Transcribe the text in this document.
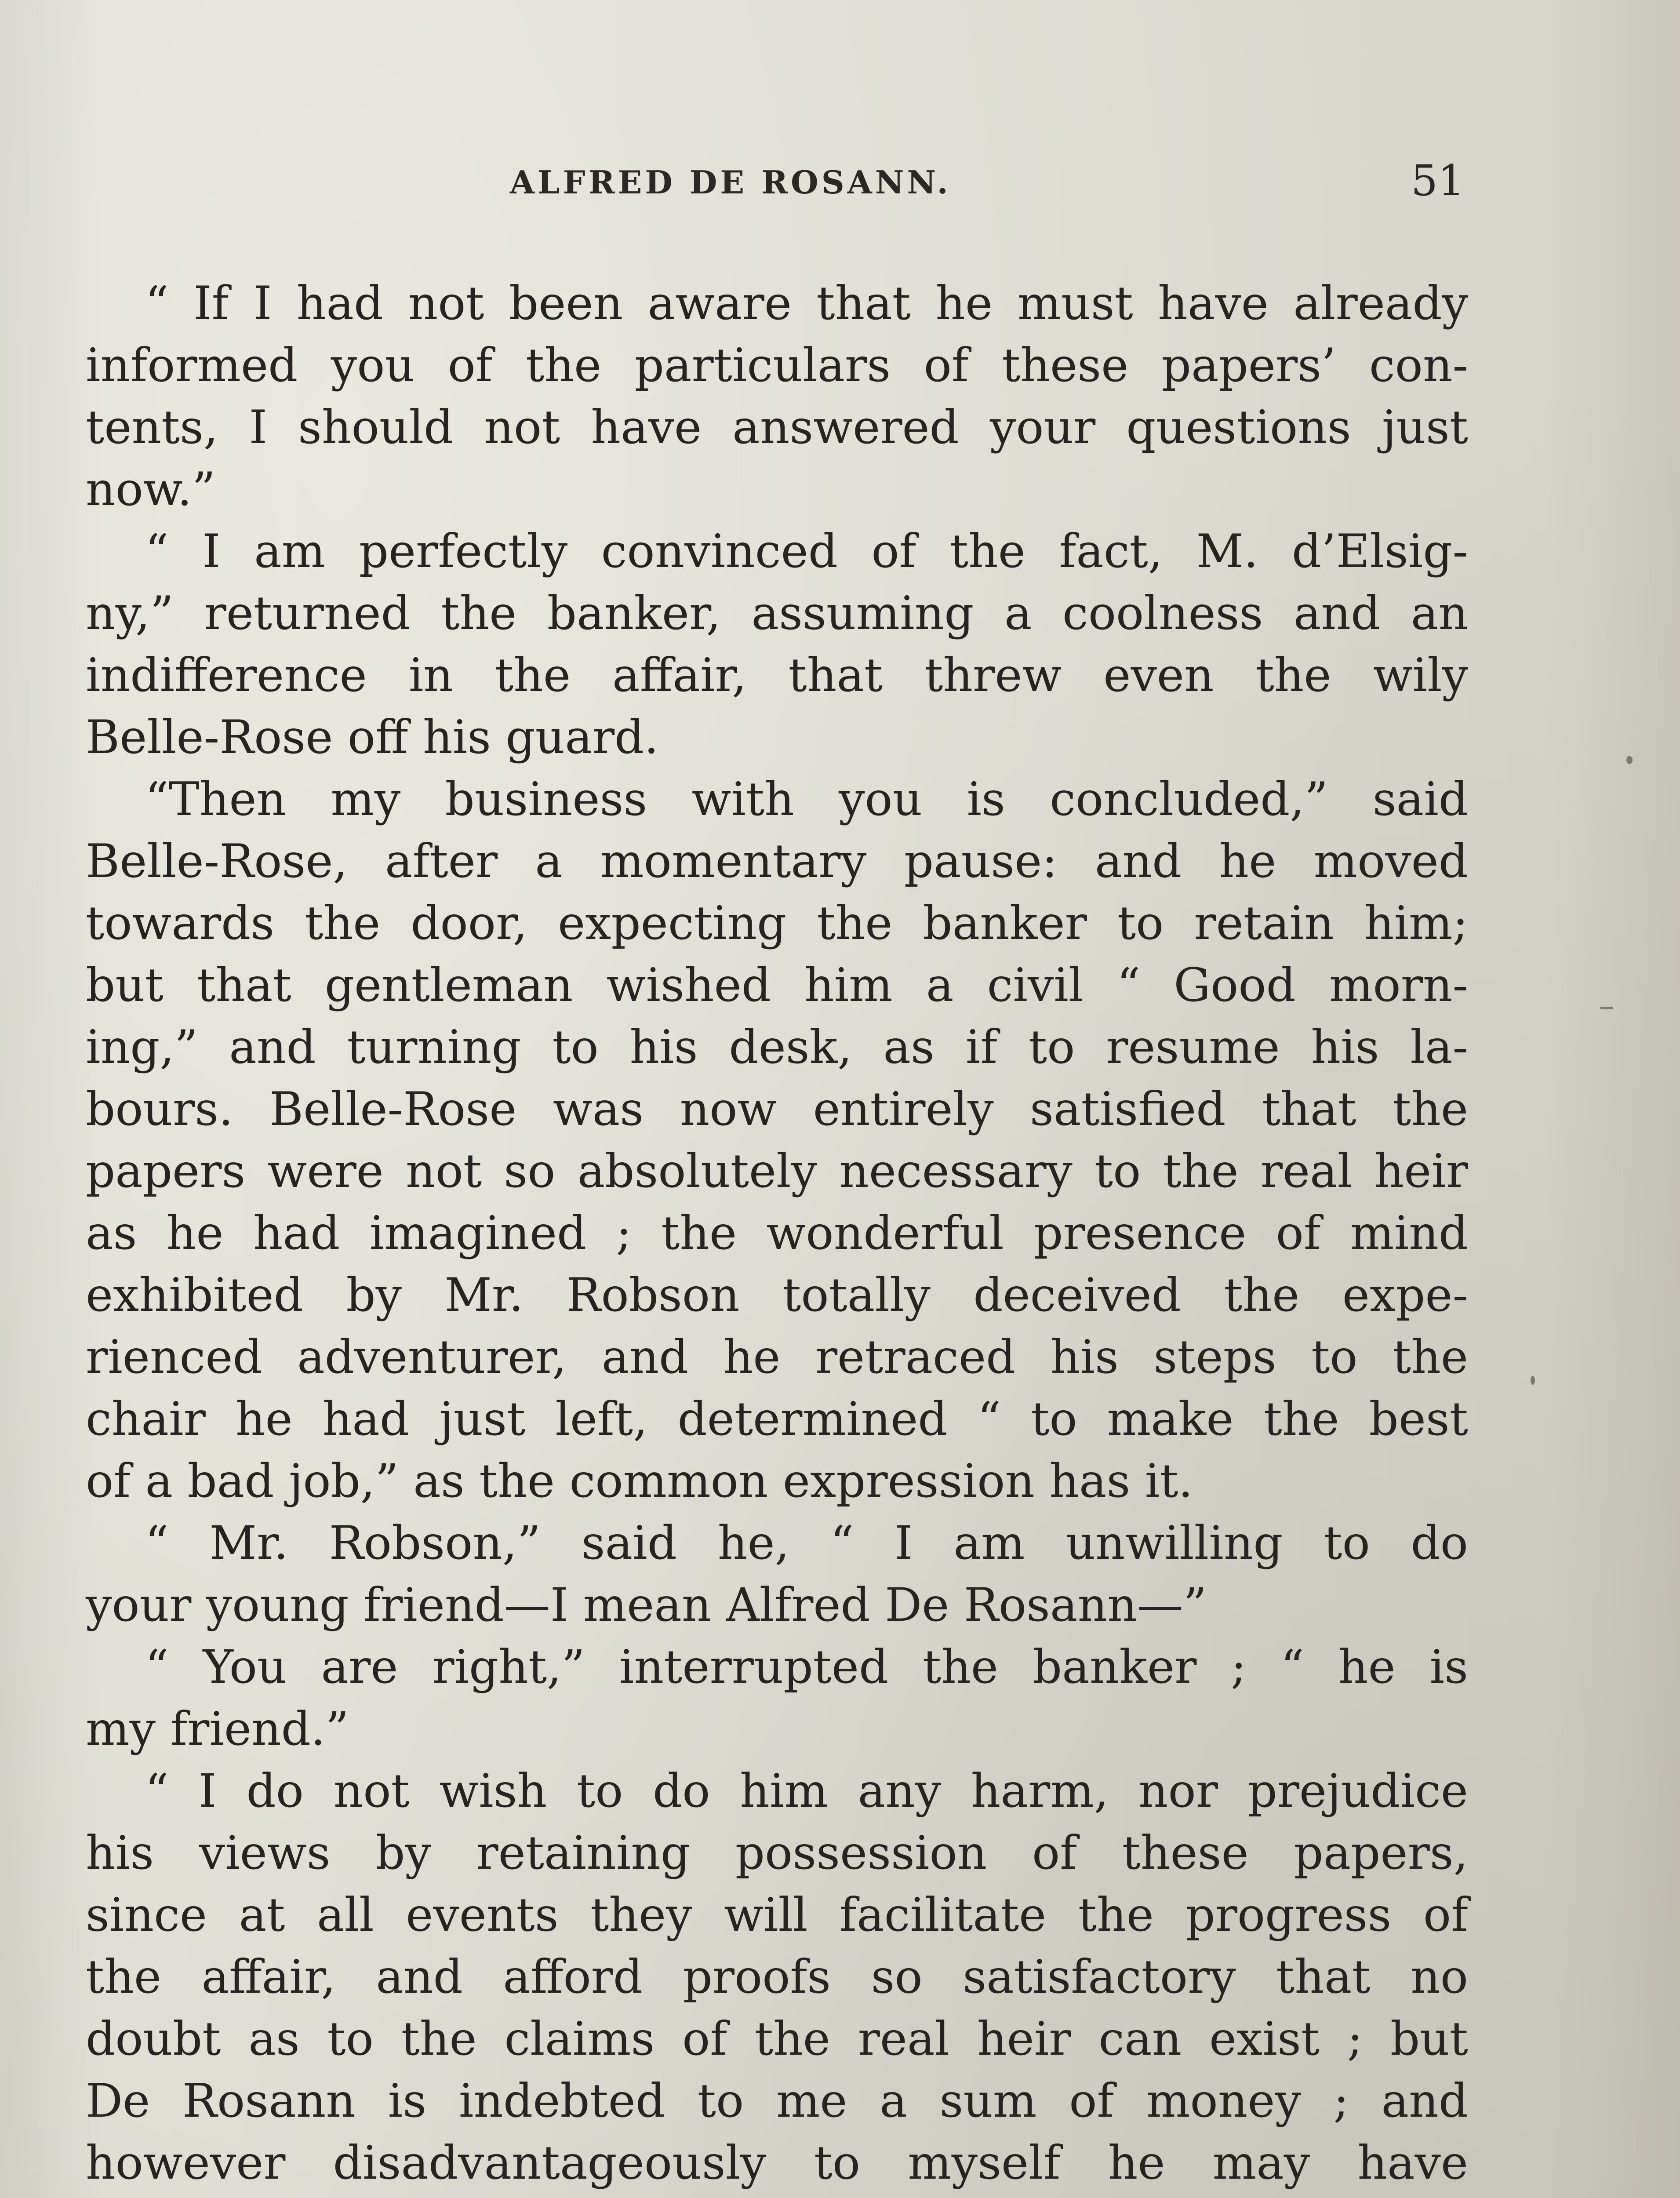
ALFRED DE ROSANN.	51
“ If I had not been aware that he must have already
informed you of the particulars of these papers’ con-
tents, I should not have answered your questions just
now.”
“ I am perfectly convinced of the fact, M. d’Elsig-
ny,” returned the banker, assuming a coolness and an
indifference in the affair, that threw even the wily
Belle-Rose off his guard.
“Then my business with you is concluded,” said
Belle-Rose, after a momentary pause: and he moved
towards the door, expecting the banker to retain him;
but that gentleman wished him a civil “ Good morn-
ing,” and turning to his desk, as if to resume his la-
bours. Belle-Rose was now entirely satisfied that the
papers were not so absolutely necessary to the real heir
as he had imagined ; the wonderful presence of mind
exhibited by Mr. Robson totally deceived the expe-
rienced adventurer, and he retraced his steps to the
chair he had just left, determined “ to make the best
of a bad job,” as the common expression has it.
“ Mr. Robson,” said he, “ I am unwilling to do
your young friend—I mean Alfred De Rosann—”
“ You are right,” interrupted the banker ; “ he is
my friend.”
“ I do not wish to do him any harm, nor prejudice
his views by retaining possession of these papers,
since at all events they will facilitate the progress of
the affair, and afford proofs so satisfactory that no
doubt as to the claims of the real heir can exist ; but
De Rosann is indebted to me a sum of money ; and
however disadvantageously to myself he may have
